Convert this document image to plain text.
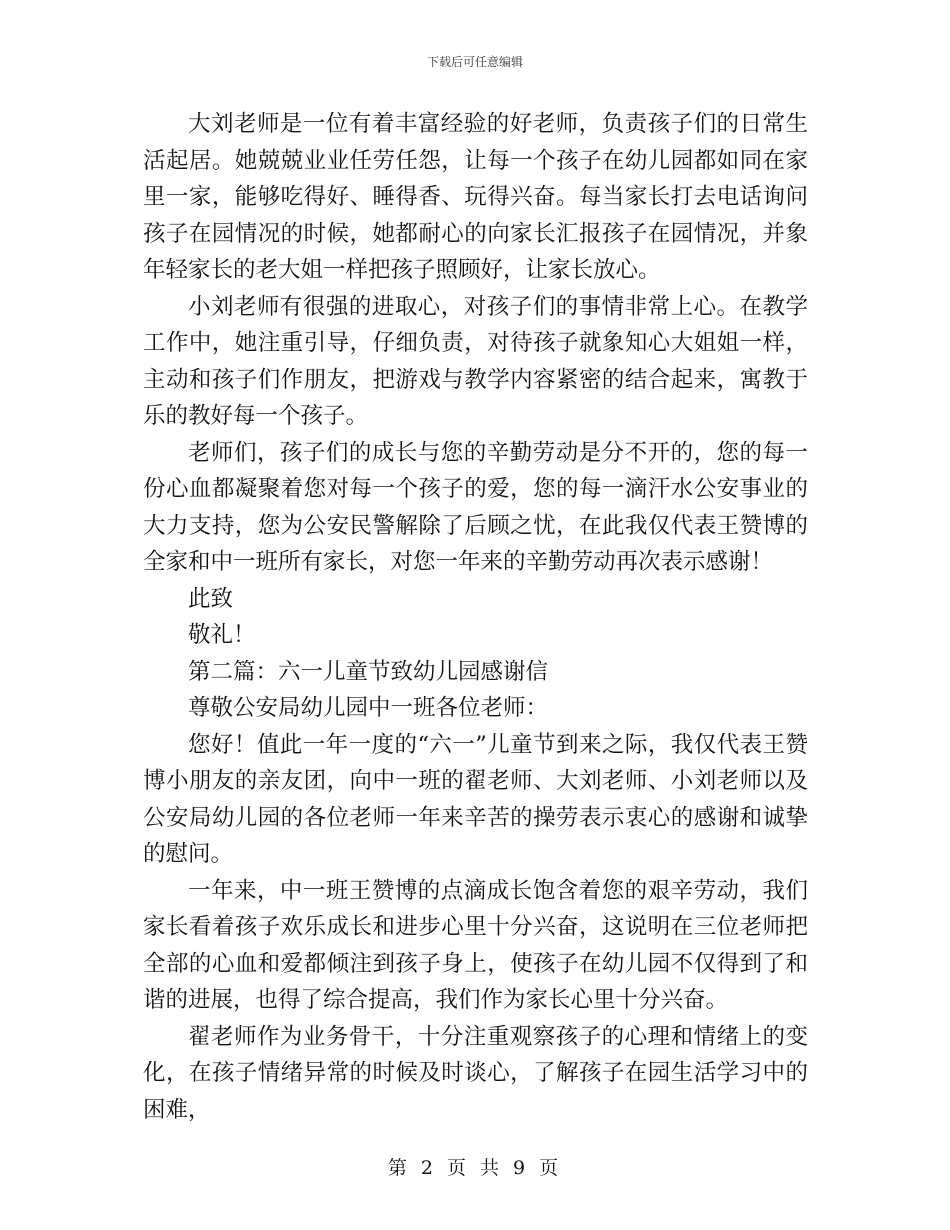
下载后可任意编辑

大刘老师是一位有着丰富经验的好老师，负责孩子们的日常生活起居。她兢兢业业任劳任怨，让每一个孩子在幼儿园都如同在家里一家，能够吃得好、睡得香、玩得兴奋。每当家长打去电话询问孩子在园情况的时候，她都耐心的向家长汇报孩子在园情况，并象年轻家长的老大姐一样把孩子照顾好，让家长放心。

小刘老师有很强的进取心，对孩子们的事情非常上心。在教学工作中，她注重引导，仔细负责，对待孩子就象知心大姐姐一样，主动和孩子们作朋友，把游戏与教学内容紧密的结合起来，寓教于乐的教好每一个孩子。

老师们，孩子们的成长与您的辛勤劳动是分不开的，您的每一份心血都凝聚着您对每一个孩子的爱，您的每一滴汗水公安事业的大力支持，您为公安民警解除了后顾之忧，在此我仅代表王赞博的全家和中一班所有家长，对您一年来的辛勤劳动再次表示感谢！

此致

敬礼！

第二篇：六一儿童节致幼儿园感谢信

尊敬公安局幼儿园中一班各位老师：

您好！值此一年一度的“六一”儿童节到来之际，我仅代表王赞博小朋友的亲友团，向中一班的翟老师、大刘老师、小刘老师以及公安局幼儿园的各位老师一年来辛苦的操劳表示衷心的感谢和诚挚的慰问。

一年来，中一班王赞博的点滴成长饱含着您的艰辛劳动，我们家长看着孩子欢乐成长和进步心里十分兴奋，这说明在三位老师把全部的心血和爱都倾注到孩子身上，使孩子在幼儿园不仅得到了和谐的进展，也得了综合提高，我们作为家长心里十分兴奋。

翟老师作为业务骨干，十分注重观察孩子的心理和情绪上的变化，在孩子情绪异常的时候及时谈心，了解孩子在园生活学习中的困难，

第 2 页 共 9 页
